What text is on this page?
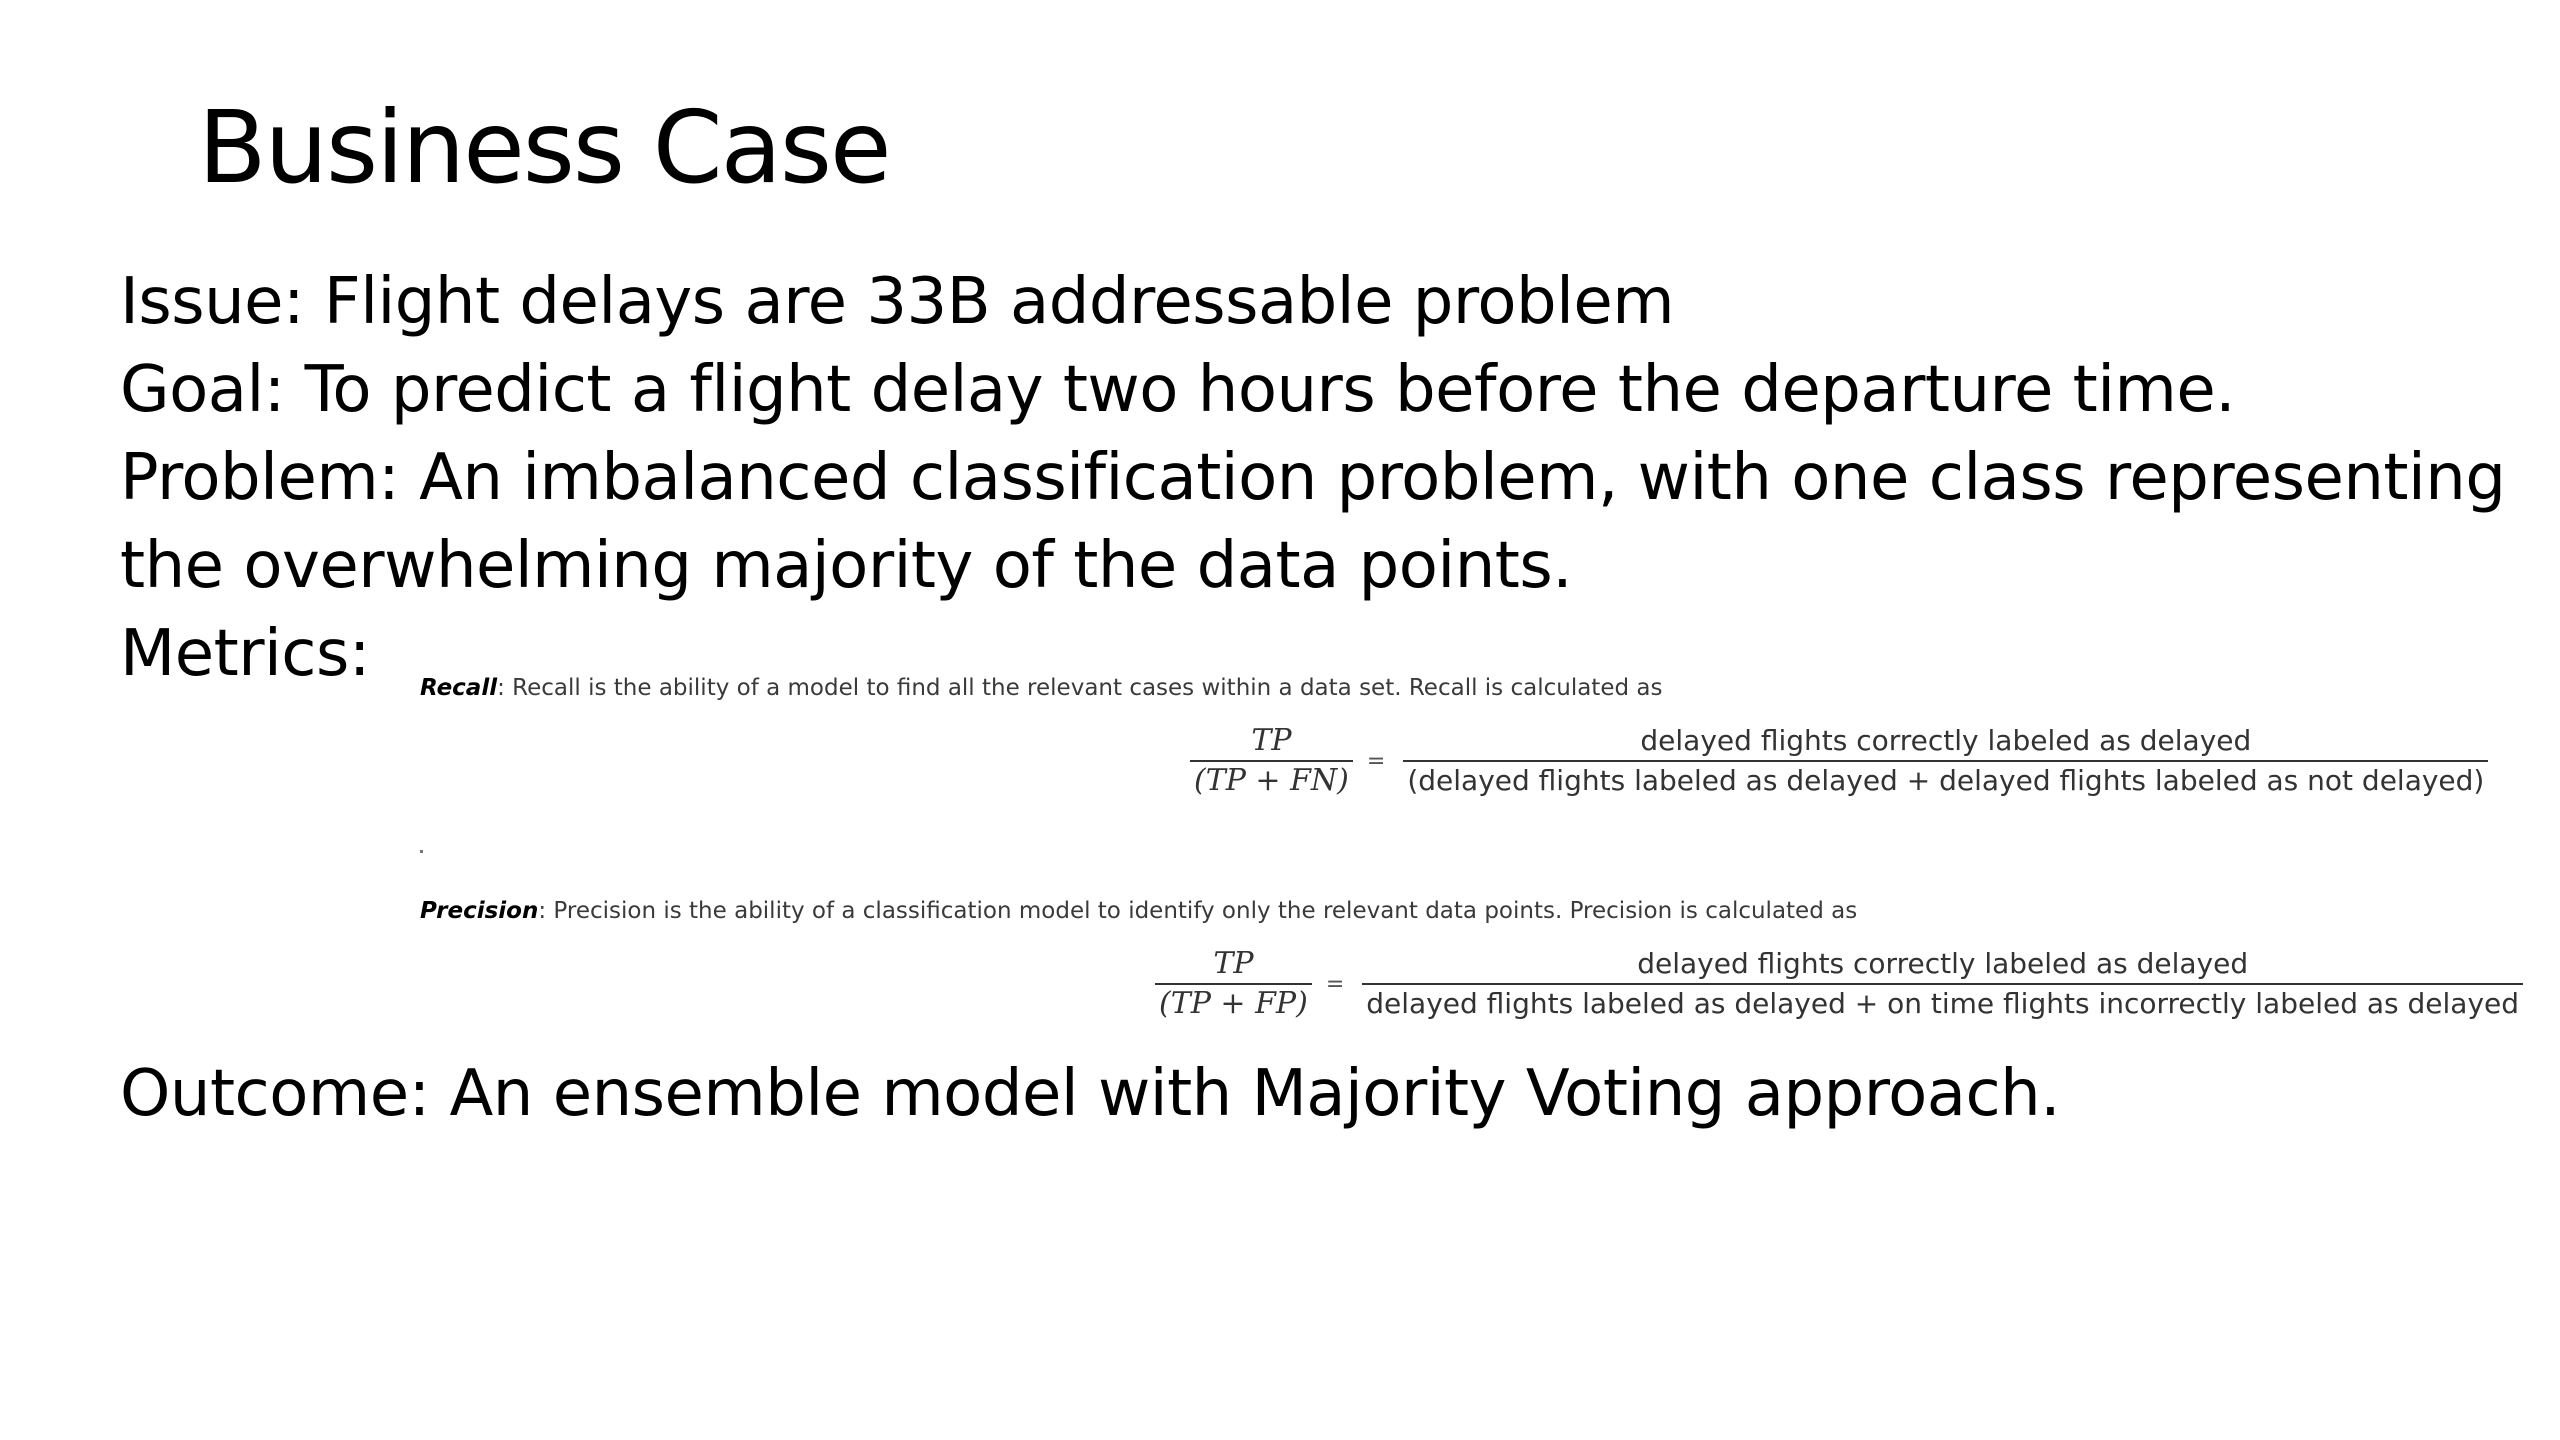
Business Case
Issue: Flight delays are 33B addressable problem
Goal: To predict a flight delay two hours before the departure time.
Problem: An imbalanced classification problem, with one class representing
the overwhelming majority of the data points.
Metrics: Recall: Recall is the ability of a model to find all the relevant cases within a data set. Recall is calculated as
$\frac{TP}{(TP + FN)}$ =
delayed flights correctly labeled as delayed
(delayed flights labeled as delayed + delayed flights labeled as not delayed)
Precision: Precision is the ability of a classification model to identify only the relevant data points. Precision is calculated as
$\frac{TP}{(TP + FP)}$ =
delayed flights correctly labeled as delayed
delayed flights labeled as delayed + on time flights incorrectly labeled as delayed
Outcome: An ensemble model with Majority Voting approach.
